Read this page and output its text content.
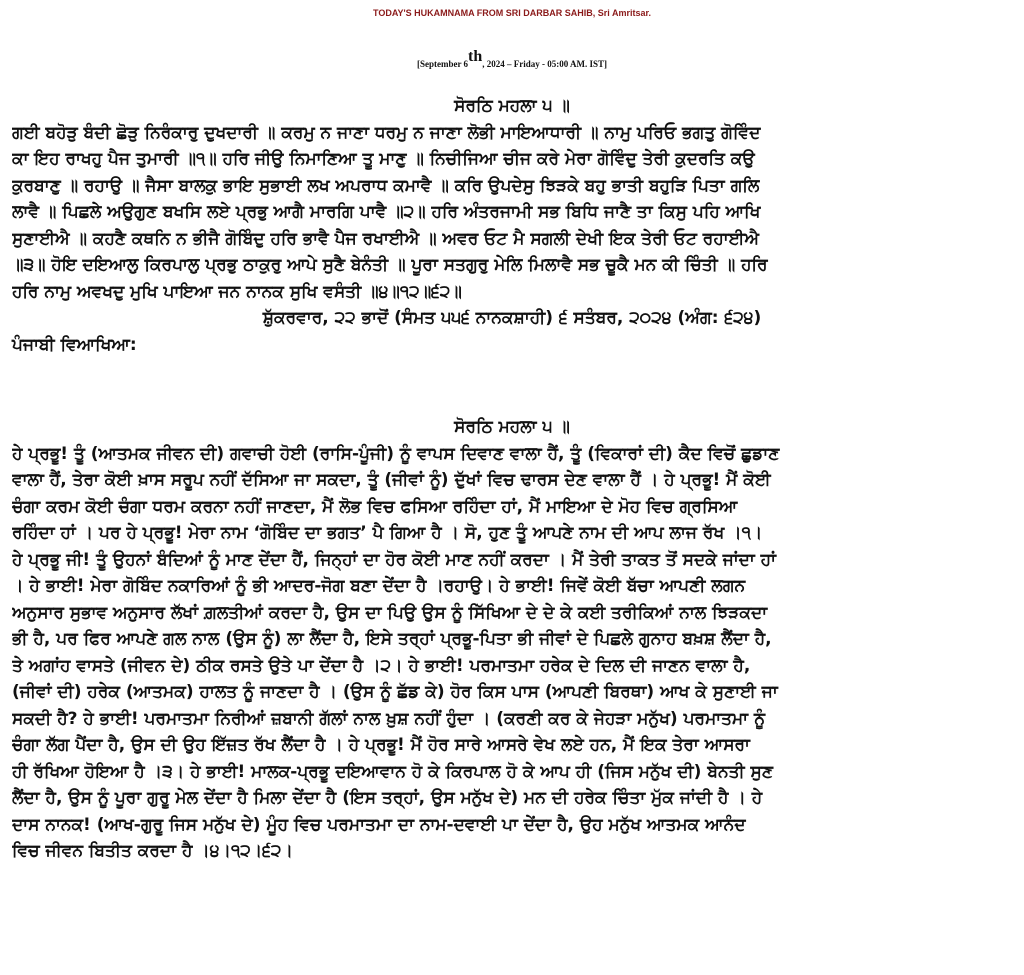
TODAY'S HUKAMNAMA FROM SRI DARBAR SAHIB, Sri Amritsar.
[September 6th, 2024 – Friday - 05:00 AM. IST]
ਸੋਰਠਿ ਮਹਲਾ ੫ ॥
ਗਈ ਬਹੋੜੁ ਬੰਦੀ ਛੋੜੁ ਨਿਰੰਕਾਰੁ ਦੁਖਦਾਰੀ ॥ ਕਰਮੁ ਨ ਜਾਣਾ ਧਰਮੁ ਨ ਜਾਣਾ ਲੋਭੀ ਮਾਇਆਧਾਰੀ ॥ ਨਾਮੁ ਪਰਿਓ ਭਗਤੁ ਗੋਵਿੰਦ
ਕਾ ਇਹ ਰਾਖਹੁ ਪੈਜ ਤੁਮਾਰੀ ॥੧॥ ਹਰਿ ਜੀਉ ਨਿਮਾਣਿਆ ਤੂ ਮਾਣੁ ॥ ਨਿਚੀਜਿਆ ਚੀਜ ਕਰੇ ਮੇਰਾ ਗੋਵਿੰਦੁ ਤੇਰੀ ਕੁਦਰਤਿ ਕਉ
ਕੁਰਬਾਣੁ ॥ ਰਹਾਉ ॥ ਜੈਸਾ ਬਾਲਕੁ ਭਾਇ ਸੁਭਾਈ ਲਖ ਅਪਰਾਧ ਕਮਾਵੈ ॥ ਕਰਿ ਉਪਦੇਸੁ ਝਿੜਕੇ ਬਹੁ ਭਾਤੀ ਬਹੁੜਿ ਪਿਤਾ ਗਲਿ
ਲਾਵੈ ॥ ਪਿਛਲੇ ਅਉਗੁਣ ਬਖਸਿ ਲਏ ਪ੍ਰਭੁ ਆਗੈ ਮਾਰਗਿ ਪਾਵੈ ॥੨॥ ਹਰਿ ਅੰਤਰਜਾਮੀ ਸਭ ਬਿਧਿ ਜਾਣੈ ਤਾ ਕਿਸੁ ਪਹਿ ਆਖਿ
ਸੁਣਾਈਐ ॥ ਕਹਣੈ ਕਥਨਿ ਨ ਭੀਜੈ ਗੋਬਿੰਦੁ ਹਰਿ ਭਾਵੈ ਪੈਜ ਰਖਾਈਐ ॥ ਅਵਰ ਓਟ ਮੈ ਸਗਲੀ ਦੇਖੀ ਇਕ ਤੇਰੀ ਓਟ ਰਹਾਈਐ
॥੩॥ ਹੋਇ ਦਇਆਲੁ ਕਿਰਪਾਲੁ ਪ੍ਰਭੁ ਠਾਕੁਰੁ ਆਪੇ ਸੁਣੈ ਬੇਨੰਤੀ ॥ ਪੂਰਾ ਸਤਗੁਰੁ ਮੇਲਿ ਮਿਲਾਵੈ ਸਭ ਚੂਕੈ ਮਨ ਕੀ ਚਿੰਤੀ ॥ ਹਰਿ
ਹਰਿ ਨਾਮੁ ਅਵਖਦੁ ਮੁਖਿ ਪਾਇਆ ਜਨ ਨਾਨਕ ਸੁਖਿ ਵਸੰਤੀ ॥੪॥੧੨॥੬੨॥
ਸ਼ੁੱਕਰਵਾਰ, ੨੨ ਭਾਦੋਂ (ਸੰਮਤ ੫੫੬ ਨਾਨਕਸ਼ਾਹੀ) ੬ ਸਤੰਬਰ, ੨੦੨੪ (ਅੰਗ: ੬੨੪)
ਪੰਜਾਬੀ ਵਿਆਖਿਆ:
ਸੋਰਠਿ ਮਹਲਾ ੫ ॥
ਹੇ ਪ੍ਰਭੂ! ਤੂੰ (ਆਤਮਕ ਜੀਵਨ ਦੀ) ਗਵਾਚੀ ਹੋਈ (ਰਾਸਿ-ਪੂੰਜੀ) ਨੂੰ ਵਾਪਸ ਦਿਵਾਣ ਵਾਲਾ ਹੈਂ, ਤੂੰ (ਵਿਕਾਰਾਂ ਦੀ) ਕੈਦ ਵਿਚੋਂ ਛੁਡਾਣ
ਵਾਲਾ ਹੈਂ, ਤੇਰਾ ਕੋਈ ਖ਼ਾਸ ਸਰੂਪ ਨਹੀਂ ਦੱਸਿਆ ਜਾ ਸਕਦਾ, ਤੂੰ (ਜੀਵਾਂ ਨੂੰ) ਦੁੱਖਾਂ ਵਿਚ ਢਾਰਸ ਦੇਣ ਵਾਲਾ ਹੈਂ । ਹੇ ਪ੍ਰਭੂ! ਮੈਂ ਕੋਈ
ਚੰਗਾ ਕਰਮ ਕੋਈ ਚੰਗਾ ਧਰਮ ਕਰਨਾ ਨਹੀਂ ਜਾਣਦਾ, ਮੈਂ ਲੋਭ ਵਿਚ ਫਸਿਆ ਰਹਿੰਦਾ ਹਾਂ, ਮੈਂ ਮਾਇਆ ਦੇ ਮੋਹ ਵਿਚ ਗ੍ਰਸਿਆ
ਰਹਿੰਦਾ ਹਾਂ । ਪਰ ਹੇ ਪ੍ਰਭੂ! ਮੇਰਾ ਨਾਮ ‘ਗੋਬਿੰਦ ਦਾ ਭਗਤ’ ਪੈ ਗਿਆ ਹੈ । ਸੋ, ਹੁਣ ਤੂੰ ਆਪਣੇ ਨਾਮ ਦੀ ਆਪ ਲਾਜ ਰੱਖ ।੧।
ਹੇ ਪ੍ਰਭੂ ਜੀ! ਤੂੰ ਉਹਨਾਂ ਬੰਦਿਆਂ ਨੂੰ ਮਾਣ ਦੇਂਦਾ ਹੈਂ, ਜਿਨ੍ਹਾਂ ਦਾ ਹੋਰ ਕੋਈ ਮਾਣ ਨਹੀਂ ਕਰਦਾ । ਮੈਂ ਤੇਰੀ ਤਾਕਤ ਤੋਂ ਸਦਕੇ ਜਾਂਦਾ ਹਾਂ
। ਹੇ ਭਾਈ! ਮੇਰਾ ਗੋਬਿੰਦ ਨਕਾਰਿਆਂ ਨੂੰ ਭੀ ਆਦਰ-ਜੋਗ ਬਣਾ ਦੇਂਦਾ ਹੈ ।ਰਹਾਉ। ਹੇ ਭਾਈ! ਜਿਵੇਂ ਕੋਈ ਬੱਚਾ ਆਪਣੀ ਲਗਨ
ਅਨੁਸਾਰ ਸੁਭਾਵ ਅਨੁਸਾਰ ਲੱਖਾਂ ਗ਼ਲਤੀਆਂ ਕਰਦਾ ਹੈ, ਉਸ ਦਾ ਪਿਉ ਉਸ ਨੂੰ ਸਿੱਖਿਆ ਦੇ ਦੇ ਕੇ ਕਈ ਤਰੀਕਿਆਂ ਨਾਲ ਝਿੜਕਦਾ
ਭੀ ਹੈ, ਪਰ ਫਿਰ ਆਪਣੇ ਗਲ ਨਾਲ (ਉਸ ਨੂੰ) ਲਾ ਲੈਂਦਾ ਹੈ, ਇਸੇ ਤਰ੍ਹਾਂ ਪ੍ਰਭੂ-ਪਿਤਾ ਭੀ ਜੀਵਾਂ ਦੇ ਪਿਛਲੇ ਗੁਨਾਹ ਬਖ਼ਸ਼ ਲੈਂਦਾ ਹੈ,
ਤੇ ਅਗਾਂਹ ਵਾਸਤੇ (ਜੀਵਨ ਦੇ) ਠੀਕ ਰਸਤੇ ਉਤੇ ਪਾ ਦੇਂਦਾ ਹੈ ।੨। ਹੇ ਭਾਈ! ਪਰਮਾਤਮਾ ਹਰੇਕ ਦੇ ਦਿਲ ਦੀ ਜਾਣਨ ਵਾਲਾ ਹੈ,
(ਜੀਵਾਂ ਦੀ) ਹਰੇਕ (ਆਤਮਕ) ਹਾਲਤ ਨੂੰ ਜਾਣਦਾ ਹੈ । (ਉਸ ਨੂੰ ਛੱਡ ਕੇ) ਹੋਰ ਕਿਸ ਪਾਸ (ਆਪਣੀ ਬਿਰਥਾ) ਆਖ ਕੇ ਸੁਣਾਈ ਜਾ
ਸਕਦੀ ਹੈ? ਹੇ ਭਾਈ! ਪਰਮਾਤਮਾ ਨਿਰੀਆਂ ਜ਼ਬਾਨੀ ਗੱਲਾਂ ਨਾਲ ਖ਼ੁਸ਼ ਨਹੀਂ ਹੁੰਦਾ । (ਕਰਣੀ ਕਰ ਕੇ ਜੇਹੜਾ ਮਨੁੱਖ) ਪਰਮਾਤਮਾ ਨੂੰ
ਚੰਗਾ ਲੱਗ ਪੈਂਦਾ ਹੈ, ਉਸ ਦੀ ਉਹ ਇੱਜ਼ਤ ਰੱਖ ਲੈਂਦਾ ਹੈ । ਹੇ ਪ੍ਰਭੂ! ਮੈਂ ਹੋਰ ਸਾਰੇ ਆਸਰੇ ਵੇਖ ਲਏ ਹਨ, ਮੈਂ ਇਕ ਤੇਰਾ ਆਸਰਾ
ਹੀ ਰੱਖਿਆ ਹੋਇਆ ਹੈ ।੩। ਹੇ ਭਾਈ! ਮਾਲਕ-ਪ੍ਰਭੂ ਦਇਆਵਾਨ ਹੋ ਕੇ ਕਿਰਪਾਲ ਹੋ ਕੇ ਆਪ ਹੀ (ਜਿਸ ਮਨੁੱਖ ਦੀ) ਬੇਨਤੀ ਸੁਣ
ਲੈਂਦਾ ਹੈ, ਉਸ ਨੂੰ ਪੂਰਾ ਗੁਰੂ ਮੇਲ ਦੇਂਦਾ ਹੈ ਮਿਲਾ ਦੇਂਦਾ ਹੈ (ਇਸ ਤਰ੍ਹਾਂ, ਉਸ ਮਨੁੱਖ ਦੇ) ਮਨ ਦੀ ਹਰੇਕ ਚਿੰਤਾ ਮੁੱਕ ਜਾਂਦੀ ਹੈ । ਹੇ
ਦਾਸ ਨਾਨਕ! (ਆਖ-ਗੁਰੂ ਜਿਸ ਮਨੁੱਖ ਦੇ) ਮੂੰਹ ਵਿਚ ਪਰਮਾਤਮਾ ਦਾ ਨਾਮ-ਦਵਾਈ ਪਾ ਦੇਂਦਾ ਹੈ, ਉਹ ਮਨੁੱਖ ਆਤਮਕ ਆਨੰਦ
ਵਿਚ ਜੀਵਨ ਬਿਤੀਤ ਕਰਦਾ ਹੈ ।੪।੧੨।੬੨।
